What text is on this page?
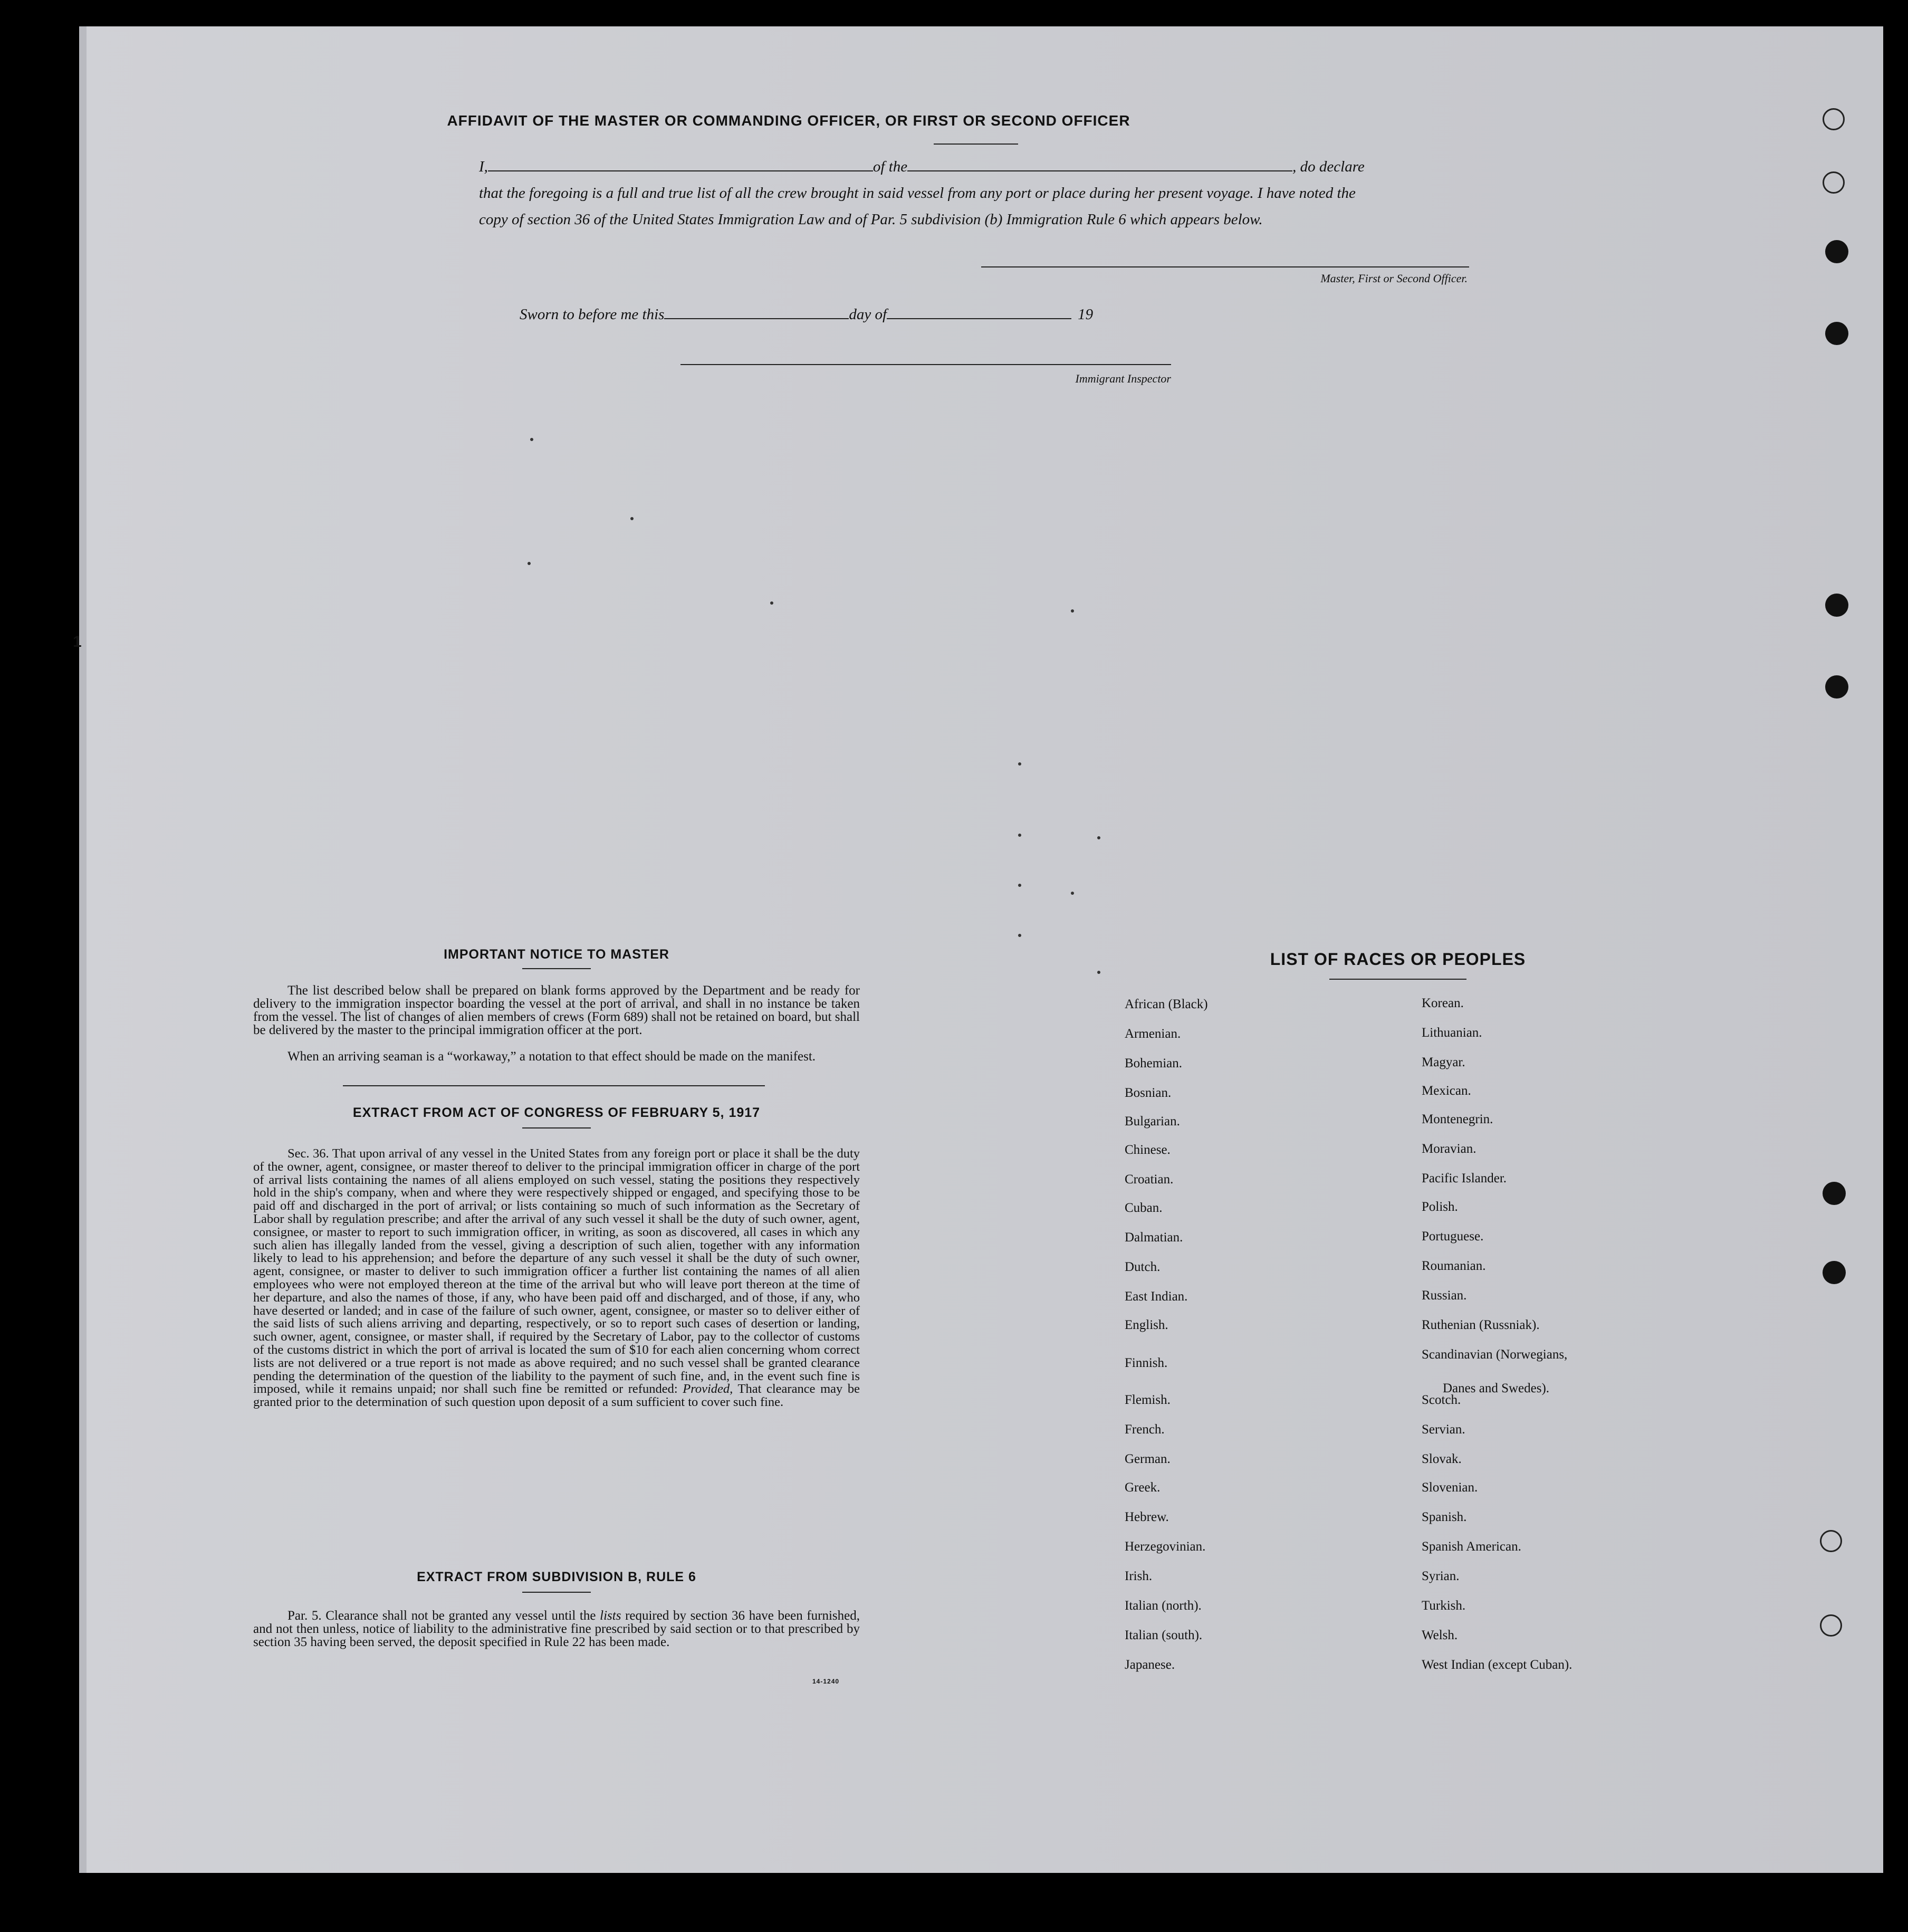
1
AFFIDAVIT OF THE MASTER OR COMMANDING OFFICER, OR FIRST OR SECOND OFFICER
I,	of the	, do declare
that the foregoing is a full and true list of all the crew brought in said vessel from any port or place during her present voyage. I have noted the
copy of section 36 of the United States Immigration Law and of Par. 5 subdivision (b) Immigration Rule 6 which appears below.
Master, First or Second Officer.
Sworn to before me this	day of	19
Immigrant Inspector
IMPORTANT NOTICE TO MASTER
The list described below shall be prepared on blank forms approved by the Department and be ready for delivery to the immigration inspector boarding the vessel at the port of arrival, and shall in no instance be taken from the vessel. The list of changes of alien members of crews (Form 689) shall not be retained on board, but shall be delivered by the master to the principal immigration officer at the port.
When an arriving seaman is a “workaway,” a notation to that effect should be made on the manifest.
EXTRACT FROM ACT OF CONGRESS OF FEBRUARY 5, 1917
Sec. 36. That upon arrival of any vessel in the United States from any foreign port or place it shall be the duty of the owner, agent, consignee, or master thereof to deliver to the principal immigration officer in charge of the port of arrival lists containing the names of all aliens employed on such vessel, stating the positions they respectively hold in the ship's company, when and where they were respectively shipped or engaged, and specifying those to be paid off and discharged in the port of arrival; or lists containing so much of such information as the Secretary of Labor shall by regulation prescribe; and after the arrival of any such vessel it shall be the duty of such owner, agent, consignee, or master to report to such immigration officer, in writing, as soon as discovered, all cases in which any such alien has illegally landed from the vessel, giving a description of such alien, together with any information likely to lead to his apprehension; and before the departure of any such vessel it shall be the duty of such owner, agent, consignee, or master to deliver to such immigration officer a further list containing the names of all alien employees who were not employed thereon at the time of the arrival but who will leave port thereon at the time of her departure, and also the names of those, if any, who have been paid off and discharged, and of those, if any, who have deserted or landed; and in case of the failure of such owner, agent, consignee, or master so to deliver either of the said lists of such aliens arriving and departing, respectively, or so to report such cases of desertion or landing, such owner, agent, consignee, or master shall, if required by the Secretary of Labor, pay to the collector of customs of the customs district in which the port of arrival is located the sum of $10 for each alien concerning whom correct lists are not delivered or a true report is not made as above required; and no such vessel shall be granted clearance pending the determination of the question of the liability to the payment of such fine, and, in the event such fine is imposed, while it remains unpaid; nor shall such fine be remitted or refunded: Provided, That clearance may be granted prior to the determination of such question upon deposit of a sum sufficient to cover such fine.
EXTRACT FROM SUBDIVISION B, RULE 6
Par. 5. Clearance shall not be granted any vessel until the lists required by section 36 have been furnished, and not then unless, notice of liability to the administrative fine prescribed by said section or to that prescribed by section 35 having been served, the deposit specified in Rule 22 has been made.
14-1240
LIST OF RACES OR PEOPLES
Danes and Swedes).
African (Black)
Armenian.
Bohemian.
Bosnian.
Bulgarian.
Chinese.
Croatian.
Cuban.
Dalmatian.
Dutch.
East Indian.
English.
Finnish.
Flemish.
French.
German.
Greek.
Hebrew.
Herzegovinian.
Irish.
Italian (north).
Italian (south).
Japanese.
Korean.
Lithuanian.
Magyar.
Mexican.
Montenegrin.
Moravian.
Pacific Islander.
Polish.
Portuguese.
Roumanian.
Russian.
Ruthenian (Russniak).
Scandinavian (Norwegians,
Scotch.
Servian.
Slovak.
Slovenian.
Spanish.
Spanish American.
Syrian.
Turkish.
Welsh.
West Indian (except Cuban).
